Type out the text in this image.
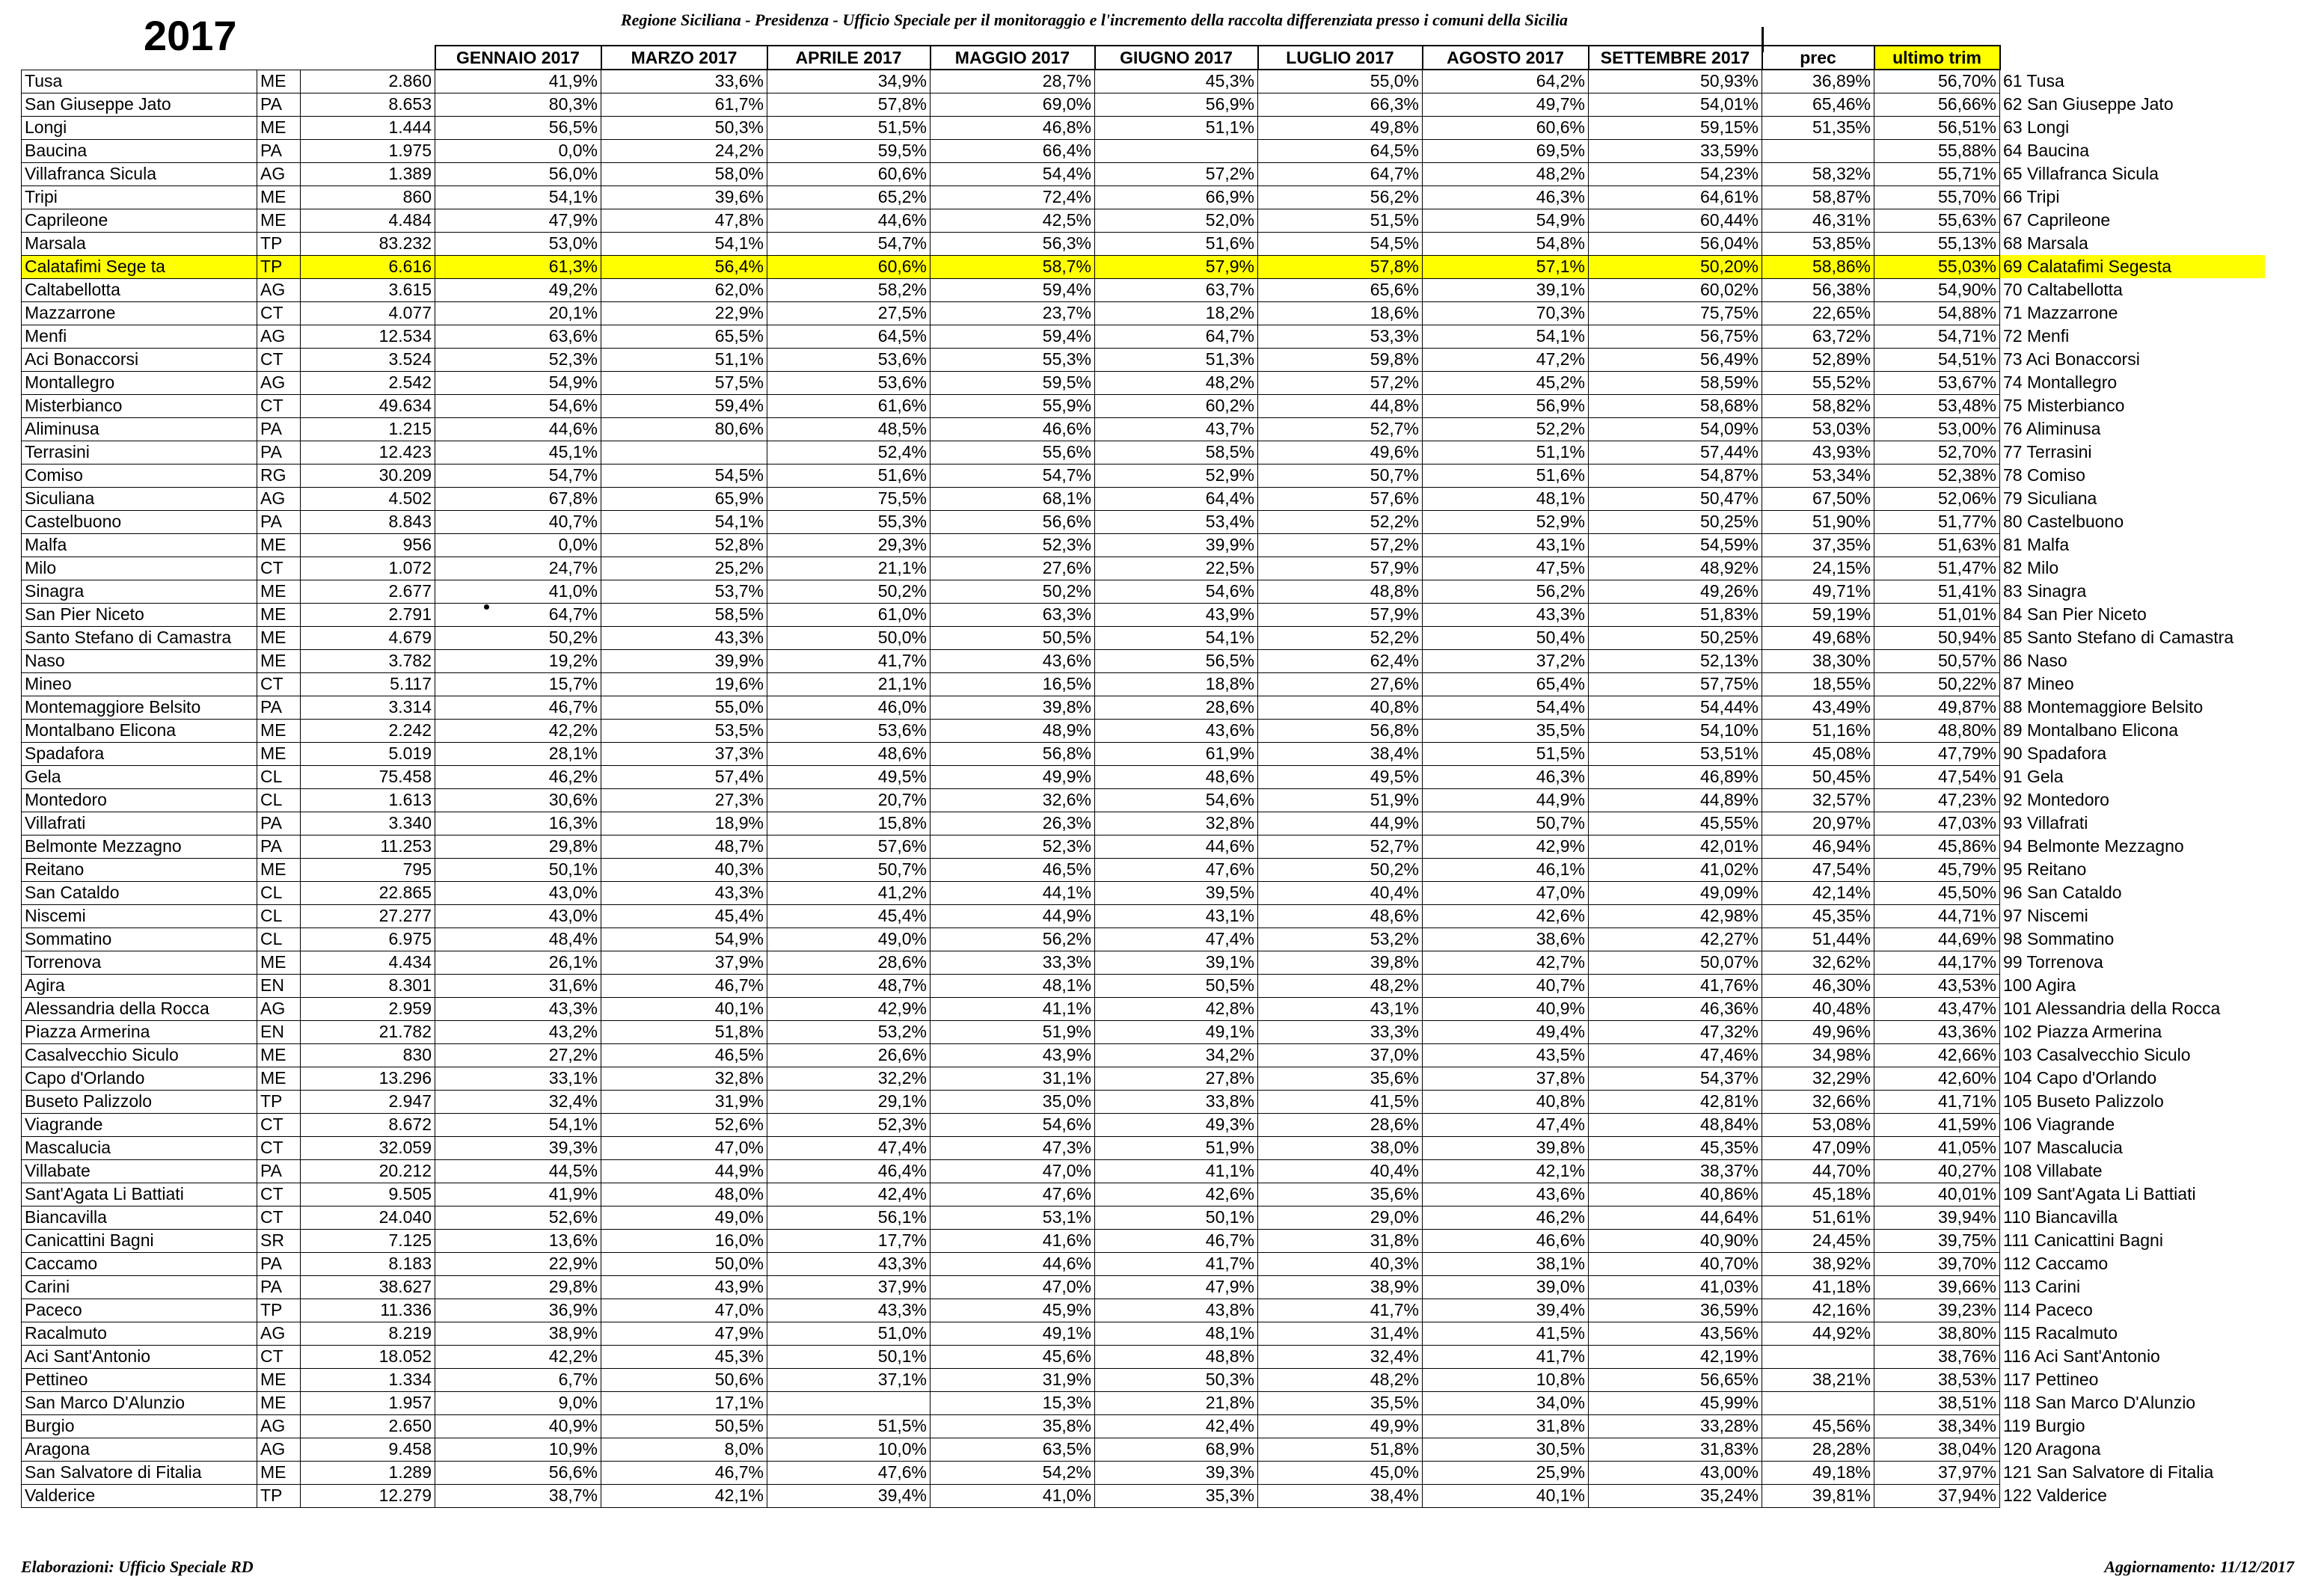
2017	Regione Siciliana - Presidenza - Ufficio Speciale per il monitoraggio e l'incremento della raccolta differenziata presso i comuni della Sicilia
			GENNAIO 2017	MARZO 2017	APRILE 2017	MAGGIO 2017	GIUGNO 2017	LUGLIO 2017	AGOSTO 2017	SETTEMBRE 2017	prec	ultimo trim	
Tusa	ME	2.860	41,9%	33,6%	34,9%	28,7%	45,3%	55,0%	64,2%	50,93%	36,89%	56,70%	61 Tusa
San Giuseppe Jato	PA	8.653	80,3%	61,7%	57,8%	69,0%	56,9%	66,3%	49,7%	54,01%	65,46%	56,66%	62 San Giuseppe Jato
Longi	ME	1.444	56,5%	50,3%	51,5%	46,8%	51,1%	49,8%	60,6%	59,15%	51,35%	56,51%	63 Longi
Baucina	PA	1.975	0,0%	24,2%	59,5%	66,4%		64,5%	69,5%	33,59%		55,88%	64 Baucina
Villafranca Sicula	AG	1.389	56,0%	58,0%	60,6%	54,4%	57,2%	64,7%	48,2%	54,23%	58,32%	55,71%	65 Villafranca Sicula
Tripi	ME	860	54,1%	39,6%	65,2%	72,4%	66,9%	56,2%	46,3%	64,61%	58,87%	55,70%	66 Tripi
Caprileone	ME	4.484	47,9%	47,8%	44,6%	42,5%	52,0%	51,5%	54,9%	60,44%	46,31%	55,63%	67 Caprileone
Marsala	TP	83.232	53,0%	54,1%	54,7%	56,3%	51,6%	54,5%	54,8%	56,04%	53,85%	55,13%	68 Marsala
Calatafimi Sege ta	TP	6.616	61,3%	56,4%	60,6%	58,7%	57,9%	57,8%	57,1%	50,20%	58,86%	55,03%	69 Calatafimi Segesta
Caltabellotta	AG	3.615	49,2%	62,0%	58,2%	59,4%	63,7%	65,6%	39,1%	60,02%	56,38%	54,90%	70 Caltabellotta
Mazzarrone	CT	4.077	20,1%	22,9%	27,5%	23,7%	18,2%	18,6%	70,3%	75,75%	22,65%	54,88%	71 Mazzarrone
Menfi	AG	12.534	63,6%	65,5%	64,5%	59,4%	64,7%	53,3%	54,1%	56,75%	63,72%	54,71%	72 Menfi
Aci Bonaccorsi	CT	3.524	52,3%	51,1%	53,6%	55,3%	51,3%	59,8%	47,2%	56,49%	52,89%	54,51%	73 Aci Bonaccorsi
Montallegro	AG	2.542	54,9%	57,5%	53,6%	59,5%	48,2%	57,2%	45,2%	58,59%	55,52%	53,67%	74 Montallegro
Misterbianco	CT	49.634	54,6%	59,4%	61,6%	55,9%	60,2%	44,8%	56,9%	58,68%	58,82%	53,48%	75 Misterbianco
Aliminusa	PA	1.215	44,6%	80,6%	48,5%	46,6%	43,7%	52,7%	52,2%	54,09%	53,03%	53,00%	76 Aliminusa
Terrasini	PA	12.423	45,1%		52,4%	55,6%	58,5%	49,6%	51,1%	57,44%	43,93%	52,70%	77 Terrasini
Comiso	RG	30.209	54,7%	54,5%	51,6%	54,7%	52,9%	50,7%	51,6%	54,87%	53,34%	52,38%	78 Comiso
Siculiana	AG	4.502	67,8%	65,9%	75,5%	68,1%	64,4%	57,6%	48,1%	50,47%	67,50%	52,06%	79 Siculiana
Castelbuono	PA	8.843	40,7%	54,1%	55,3%	56,6%	53,4%	52,2%	52,9%	50,25%	51,90%	51,77%	80 Castelbuono
Malfa	ME	956	0,0%	52,8%	29,3%	52,3%	39,9%	57,2%	43,1%	54,59%	37,35%	51,63%	81 Malfa
Milo	CT	1.072	24,7%	25,2%	21,1%	27,6%	22,5%	57,9%	47,5%	48,92%	24,15%	51,47%	82 Milo
Sinagra	ME	2.677	41,0%	53,7%	50,2%	50,2%	54,6%	48,8%	56,2%	49,26%	49,71%	51,41%	83 Sinagra
San Pier Niceto	ME	2.791	64,7%	58,5%	61,0%	63,3%	43,9%	57,9%	43,3%	51,83%	59,19%	51,01%	84 San Pier Niceto
Santo Stefano di Camastra	ME	4.679	50,2%	43,3%	50,0%	50,5%	54,1%	52,2%	50,4%	50,25%	49,68%	50,94%	85 Santo Stefano di Camastra
Naso	ME	3.782	19,2%	39,9%	41,7%	43,6%	56,5%	62,4%	37,2%	52,13%	38,30%	50,57%	86 Naso
Mineo	CT	5.117	15,7%	19,6%	21,1%	16,5%	18,8%	27,6%	65,4%	57,75%	18,55%	50,22%	87 Mineo
Montemaggiore Belsito	PA	3.314	46,7%	55,0%	46,0%	39,8%	28,6%	40,8%	54,4%	54,44%	43,49%	49,87%	88 Montemaggiore Belsito
Montalbano Elicona	ME	2.242	42,2%	53,5%	53,6%	48,9%	43,6%	56,8%	35,5%	54,10%	51,16%	48,80%	89 Montalbano Elicona
Spadafora	ME	5.019	28,1%	37,3%	48,6%	56,8%	61,9%	38,4%	51,5%	53,51%	45,08%	47,79%	90 Spadafora
Gela	CL	75.458	46,2%	57,4%	49,5%	49,9%	48,6%	49,5%	46,3%	46,89%	50,45%	47,54%	91 Gela
Montedoro	CL	1.613	30,6%	27,3%	20,7%	32,6%	54,6%	51,9%	44,9%	44,89%	32,57%	47,23%	92 Montedoro
Villafrati	PA	3.340	16,3%	18,9%	15,8%	26,3%	32,8%	44,9%	50,7%	45,55%	20,97%	47,03%	93 Villafrati
Belmonte Mezzagno	PA	11.253	29,8%	48,7%	57,6%	52,3%	44,6%	52,7%	42,9%	42,01%	46,94%	45,86%	94 Belmonte Mezzagno
Reitano	ME	795	50,1%	40,3%	50,7%	46,5%	47,6%	50,2%	46,1%	41,02%	47,54%	45,79%	95 Reitano
San Cataldo	CL	22.865	43,0%	43,3%	41,2%	44,1%	39,5%	40,4%	47,0%	49,09%	42,14%	45,50%	96 San Cataldo
Niscemi	CL	27.277	43,0%	45,4%	45,4%	44,9%	43,1%	48,6%	42,6%	42,98%	45,35%	44,71%	97 Niscemi
Sommatino	CL	6.975	48,4%	54,9%	49,0%	56,2%	47,4%	53,2%	38,6%	42,27%	51,44%	44,69%	98 Sommatino
Torrenova	ME	4.434	26,1%	37,9%	28,6%	33,3%	39,1%	39,8%	42,7%	50,07%	32,62%	44,17%	99 Torrenova
Agira	EN	8.301	31,6%	46,7%	48,7%	48,1%	50,5%	48,2%	40,7%	41,76%	46,30%	43,53%	100 Agira
Alessandria della Rocca	AG	2.959	43,3%	40,1%	42,9%	41,1%	42,8%	43,1%	40,9%	46,36%	40,48%	43,47%	101 Alessandria della Rocca
Piazza Armerina	EN	21.782	43,2%	51,8%	53,2%	51,9%	49,1%	33,3%	49,4%	47,32%	49,96%	43,36%	102 Piazza Armerina
Casalvecchio Siculo	ME	830	27,2%	46,5%	26,6%	43,9%	34,2%	37,0%	43,5%	47,46%	34,98%	42,66%	103 Casalvecchio Siculo
Capo d'Orlando	ME	13.296	33,1%	32,8%	32,2%	31,1%	27,8%	35,6%	37,8%	54,37%	32,29%	42,60%	104 Capo d'Orlando
Buseto Palizzolo	TP	2.947	32,4%	31,9%	29,1%	35,0%	33,8%	41,5%	40,8%	42,81%	32,66%	41,71%	105 Buseto Palizzolo
Viagrande	CT	8.672	54,1%	52,6%	52,3%	54,6%	49,3%	28,6%	47,4%	48,84%	53,08%	41,59%	106 Viagrande
Mascalucia	CT	32.059	39,3%	47,0%	47,4%	47,3%	51,9%	38,0%	39,8%	45,35%	47,09%	41,05%	107 Mascalucia
Villabate	PA	20.212	44,5%	44,9%	46,4%	47,0%	41,1%	40,4%	42,1%	38,37%	44,70%	40,27%	108 Villabate
Sant'Agata Li Battiati	CT	9.505	41,9%	48,0%	42,4%	47,6%	42,6%	35,6%	43,6%	40,86%	45,18%	40,01%	109 Sant'Agata Li Battiati
Biancavilla	CT	24.040	52,6%	49,0%	56,1%	53,1%	50,1%	29,0%	46,2%	44,64%	51,61%	39,94%	110 Biancavilla
Canicattini Bagni	SR	7.125	13,6%	16,0%	17,7%	41,6%	46,7%	31,8%	46,6%	40,90%	24,45%	39,75%	111 Canicattini Bagni
Caccamo	PA	8.183	22,9%	50,0%	43,3%	44,6%	41,7%	40,3%	38,1%	40,70%	38,92%	39,70%	112 Caccamo
Carini	PA	38.627	29,8%	43,9%	37,9%	47,0%	47,9%	38,9%	39,0%	41,03%	41,18%	39,66%	113 Carini
Paceco	TP	11.336	36,9%	47,0%	43,3%	45,9%	43,8%	41,7%	39,4%	36,59%	42,16%	39,23%	114 Paceco
Racalmuto	AG	8.219	38,9%	47,9%	51,0%	49,1%	48,1%	31,4%	41,5%	43,56%	44,92%	38,80%	115 Racalmuto
Aci Sant'Antonio	CT	18.052	42,2%	45,3%	50,1%	45,6%	48,8%	32,4%	41,7%	42,19%		38,76%	116 Aci Sant'Antonio
Pettineo	ME	1.334	6,7%	50,6%	37,1%	31,9%	50,3%	48,2%	10,8%	56,65%	38,21%	38,53%	117 Pettineo
San Marco D'Alunzio	ME	1.957	9,0%	17,1%		15,3%	21,8%	35,5%	34,0%	45,99%		38,51%	118 San Marco D'Alunzio
Burgio	AG	2.650	40,9%	50,5%	51,5%	35,8%	42,4%	49,9%	31,8%	33,28%	45,56%	38,34%	119 Burgio
Aragona	AG	9.458	10,9%	8,0%	10,0%	63,5%	68,9%	51,8%	30,5%	31,83%	28,28%	38,04%	120 Aragona
San Salvatore di Fitalia	ME	1.289	56,6%	46,7%	47,6%	54,2%	39,3%	45,0%	25,9%	43,00%	49,18%	37,97%	121 San Salvatore di Fitalia
Valderice	TP	12.279	38,7%	42,1%	39,4%	41,0%	35,3%	38,4%	40,1%	35,24%	39,81%	37,94%	122 Valderice
Elaborazioni: Ufficio Speciale RD	Aggiornamento: 11/12/2017
